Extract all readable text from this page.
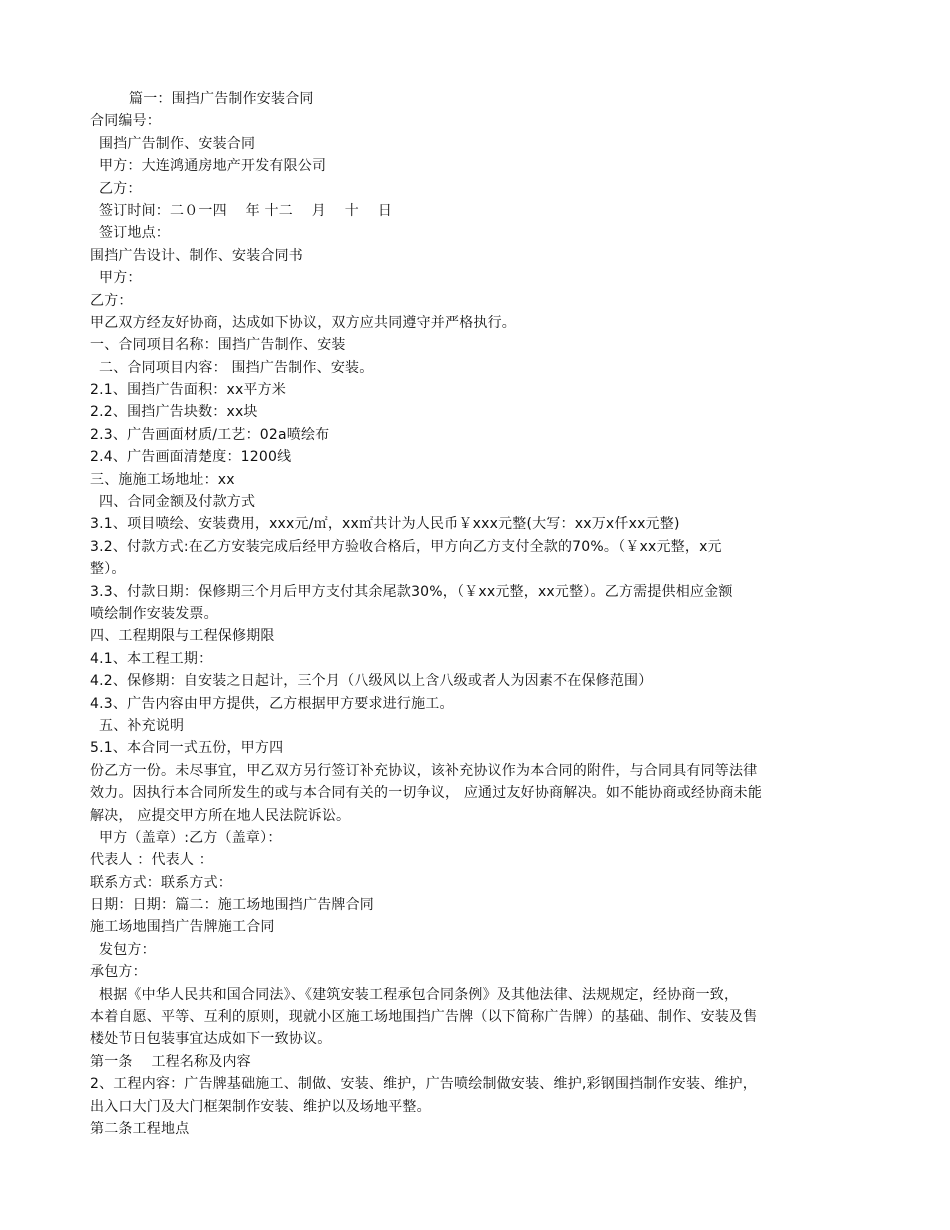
篇一：围挡广告制作安装合同
合同编号：
围挡广告制作、安装合同
甲方：大连鸿通房地产开发有限公司
乙方：
签订时间：二０一四　 年 十二　 月　 十　 日
签订地点：
围挡广告设计、制作、安装合同书
甲方：
乙方：
甲乙双方经友好协商，达成如下协议，双方应共同遵守并严格执行。
一、合同项目名称：围挡广告制作、安装
二、合同项目内容： 围挡广告制作、安装。
2.1、围挡广告面积：xx平方米
2.2、围挡广告块数：xx块
2.3、广告画面材质/工艺：02a喷绘布
2.4、广告画面清楚度：1200线
三、施施工场地址：xx
四、合同金额及付款方式
3.1、项目喷绘、安装费用，xxx元/㎡，xx㎡共计为人民币￥xxx元整(大写：xx万x仟xx元整)
3.2、付款方式:在乙方安装完成后经甲方验收合格后，甲方向乙方支付全款的70%。（￥xx元整，x元
整）。
3.3、付款日期：保修期三个月后甲方支付其余尾款30%，（￥xx元整，xx元整）。乙方需提供相应金额
喷绘制作安装发票。
四、工程期限与工程保修期限
4.1、本工程工期：
4.2、保修期：自安装之日起计，三个月（八级风以上含八级或者人为因素不在保修范围）
4.3、广告内容由甲方提供，乙方根据甲方要求进行施工。
五、补充说明
5.1、本合同一式五份，甲方四
份乙方一份。未尽事宜，甲乙双方另行签订补充协议，该补充协议作为本合同的附件，与合同具有同等法律
效力。因执行本合同所发生的或与本合同有关的一切争议， 应通过友好协商解决。如不能协商或经协商未能
解决， 应提交甲方所在地人民法院诉讼。
甲方（盖章）:乙方（盖章）：
代表人 ：代表人 ：
联系方式：联系方式：
日期：日期：篇二：施工场地围挡广告牌合同
施工场地围挡广告牌施工合同
发包方：
承包方：
根据《中华人民共和国合同法》、《建筑安装工程承包合同条例》及其他法律、法规规定，经协商一致，
本着自愿、平等、互利的原则，现就小区施工场地围挡广告牌（以下简称广告牌）的基础、制作、安装及售
楼处节日包装事宜达成如下一致协议。
第一条　 工程名称及内容
2、工程内容：广告牌基础施工、制做、安装、维护，广告喷绘制做安装、维护,彩钢围挡制作安装、维护，
出入口大门及大门框架制作安装、维护以及场地平整。
第二条工程地点
